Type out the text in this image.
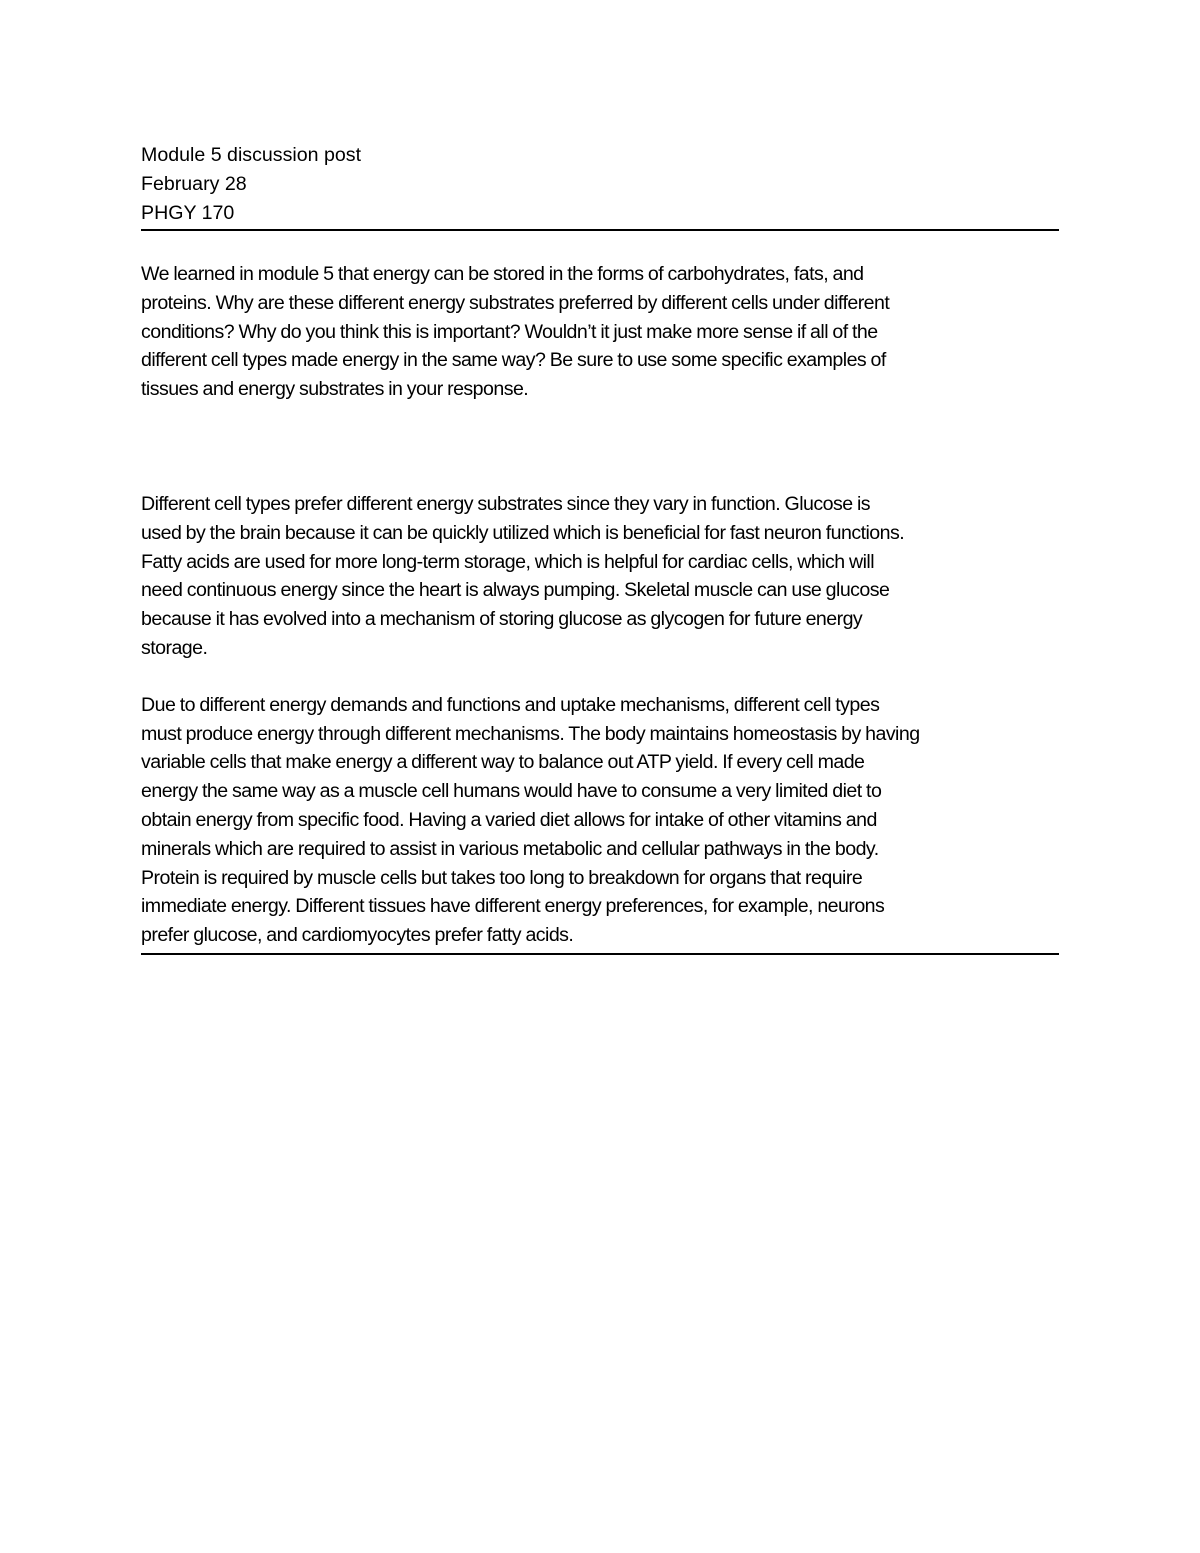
Module 5 discussion post

February 28

PHGY 170

We learned in module 5 that energy can be stored in the forms of carbohydrates, fats, and
proteins. Why are these different energy substrates preferred by different cells under different
conditions? Why do you think this is important? Wouldn’t it just make more sense if all of the
different cell types made energy in the same way? Be sure to use some specific examples of
tissues and energy substrates in your response.

Different cell types prefer different energy substrates since they vary in function. Glucose is
used by the brain because it can be quickly utilized which is beneficial for fast neuron functions.
Fatty acids are used for more long-term storage, which is helpful for cardiac cells, which will
need continuous energy since the heart is always pumping. Skeletal muscle can use glucose
because it has evolved into a mechanism of storing glucose as glycogen for future energy
storage.

Due to different energy demands and functions and uptake mechanisms, different cell types
must produce energy through different mechanisms. The body maintains homeostasis by having
variable cells that make energy a different way to balance out ATP yield. If every cell made
energy the same way as a muscle cell humans would have to consume a very limited diet to
obtain energy from specific food. Having a varied diet allows for intake of other vitamins and
minerals which are required to assist in various metabolic and cellular pathways in the body.
Protein is required by muscle cells but takes too long to breakdown for organs that require
immediate energy. Different tissues have different energy preferences, for example, neurons
prefer glucose, and cardiomyocytes prefer fatty acids.
